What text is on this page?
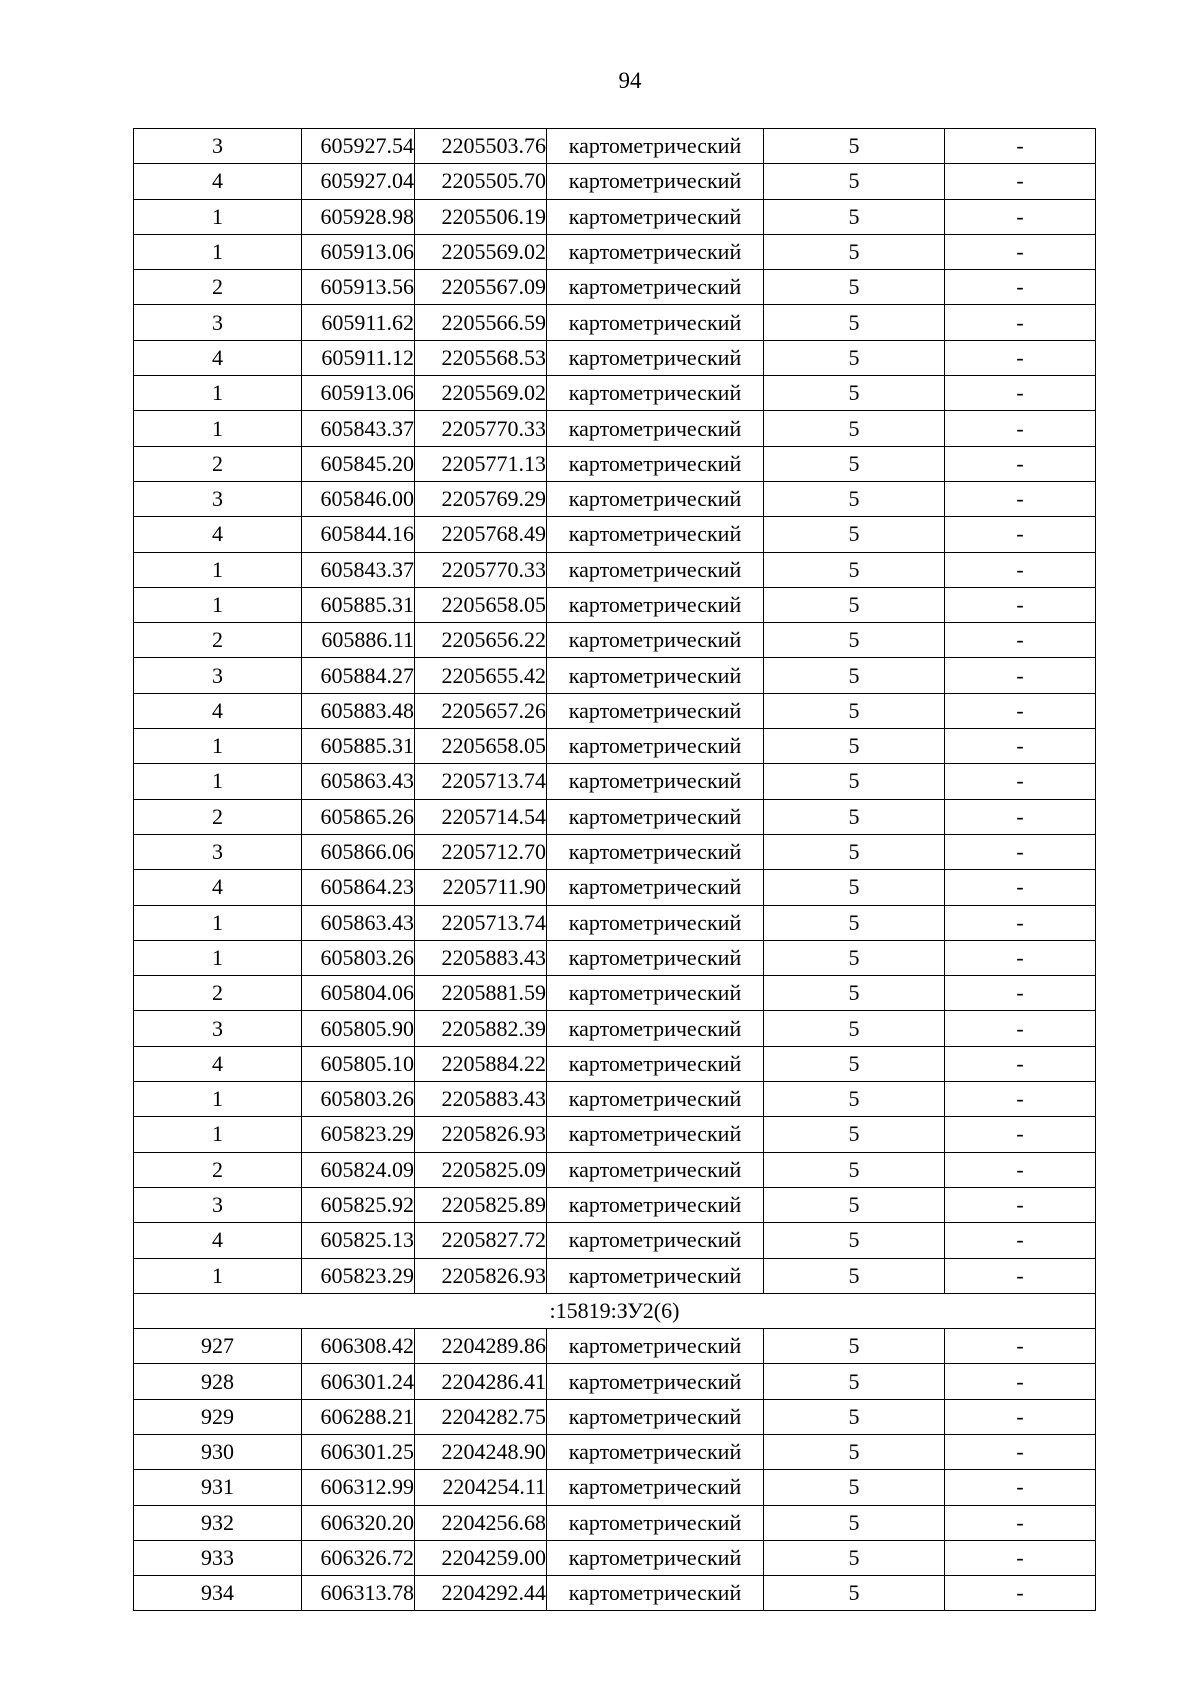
94
3	605927.54	2205503.76	картометрический	5	-
4	605927.04	2205505.70	картометрический	5	-
1	605928.98	2205506.19	картометрический	5	-
1	605913.06	2205569.02	картометрический	5	-
2	605913.56	2205567.09	картометрический	5	-
3	605911.62	2205566.59	картометрический	5	-
4	605911.12	2205568.53	картометрический	5	-
1	605913.06	2205569.02	картометрический	5	-
1	605843.37	2205770.33	картометрический	5	-
2	605845.20	2205771.13	картометрический	5	-
3	605846.00	2205769.29	картометрический	5	-
4	605844.16	2205768.49	картометрический	5	-
1	605843.37	2205770.33	картометрический	5	-
1	605885.31	2205658.05	картометрический	5	-
2	605886.11	2205656.22	картометрический	5	-
3	605884.27	2205655.42	картометрический	5	-
4	605883.48	2205657.26	картометрический	5	-
1	605885.31	2205658.05	картометрический	5	-
1	605863.43	2205713.74	картометрический	5	-
2	605865.26	2205714.54	картометрический	5	-
3	605866.06	2205712.70	картометрический	5	-
4	605864.23	2205711.90	картометрический	5	-
1	605863.43	2205713.74	картометрический	5	-
1	605803.26	2205883.43	картометрический	5	-
2	605804.06	2205881.59	картометрический	5	-
3	605805.90	2205882.39	картометрический	5	-
4	605805.10	2205884.22	картометрический	5	-
1	605803.26	2205883.43	картометрический	5	-
1	605823.29	2205826.93	картометрический	5	-
2	605824.09	2205825.09	картометрический	5	-
3	605825.92	2205825.89	картометрический	5	-
4	605825.13	2205827.72	картометрический	5	-
1	605823.29	2205826.93	картометрический	5	-
:15819:ЗУ2(6)					
927	606308.42	2204289.86	картометрический	5	-
928	606301.24	2204286.41	картометрический	5	-
929	606288.21	2204282.75	картометрический	5	-
930	606301.25	2204248.90	картометрический	5	-
931	606312.99	2204254.11	картометрический	5	-
932	606320.20	2204256.68	картометрический	5	-
933	606326.72	2204259.00	картометрический	5	-
934	606313.78	2204292.44	картометрический	5	-
